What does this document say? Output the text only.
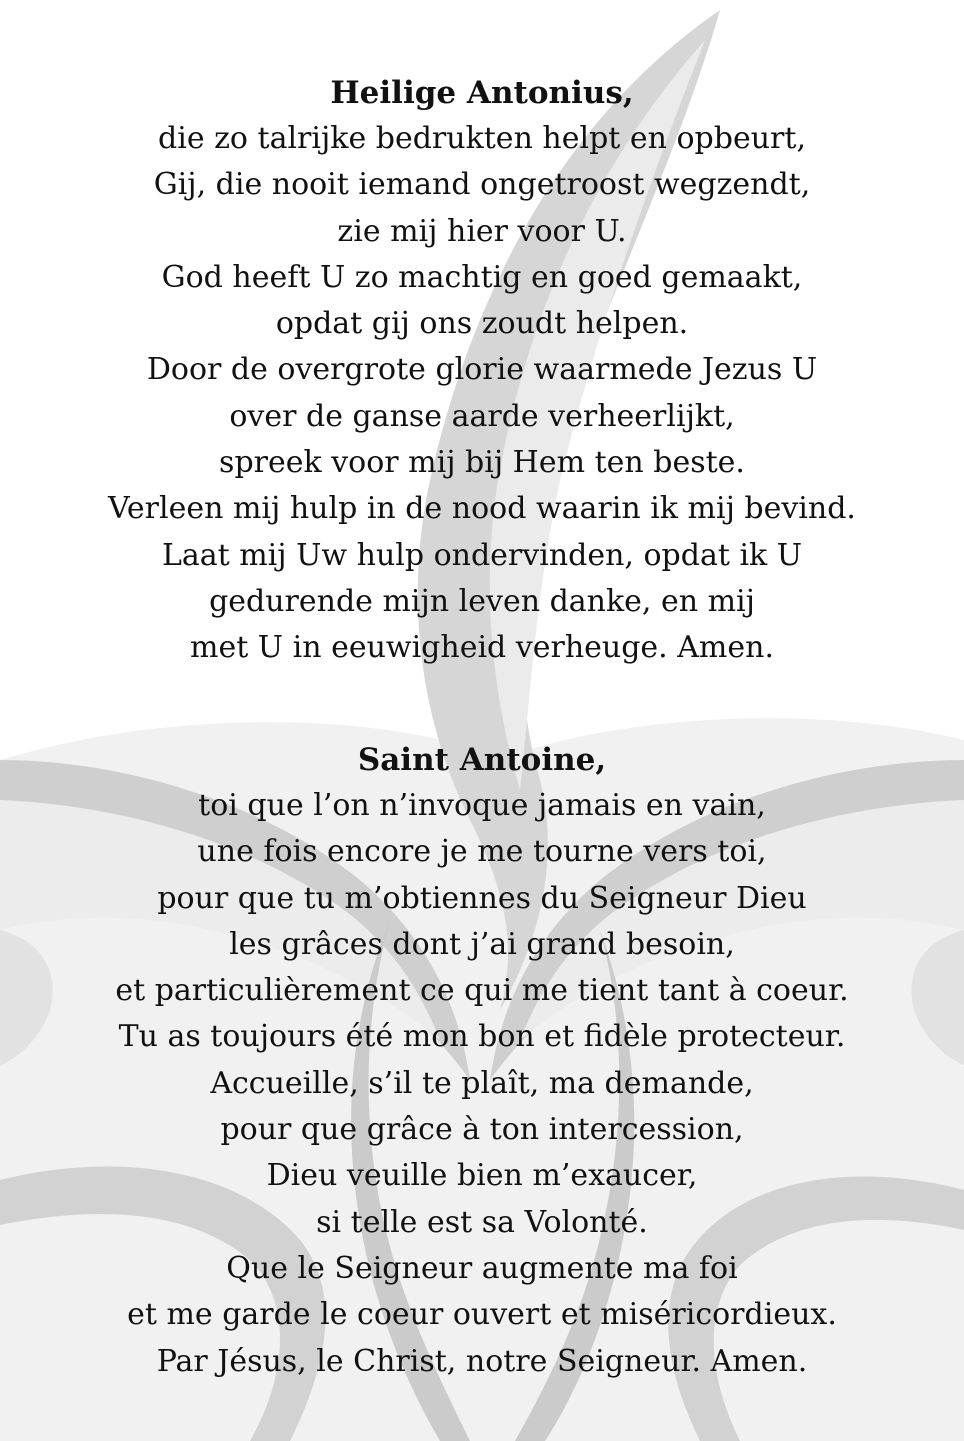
Heilige Antonius,
die zo talrijke bedrukten helpt en opbeurt,
Gij, die nooit iemand ongetroost wegzendt,
zie mij hier voor U.
God heeft U zo machtig en goed gemaakt,
opdat gij ons zoudt helpen.
Door de overgrote glorie waarmede Jezus U
over de ganse aarde verheerlijkt,
spreek voor mij bij Hem ten beste.
Verleen mij hulp in de nood waarin ik mij bevind.
Laat mij Uw hulp ondervinden, opdat ik U
gedurende mijn leven danke, en mij
met U in eeuwigheid verheuge. Amen.
Saint Antoine,
toi que l’on n’invoque jamais en vain,
une fois encore je me tourne vers toi,
pour que tu m’obtiennes du Seigneur Dieu
les grâces dont j’ai grand besoin,
et particulièrement ce qui me tient tant à coeur.
Tu as toujours été mon bon et fidèle protecteur.
Accueille, s’il te plaît, ma demande,
pour que grâce à ton intercession,
Dieu veuille bien m’exaucer,
si telle est sa Volonté.
Que le Seigneur augmente ma foi
et me garde le coeur ouvert et miséricordieux.
Par Jésus, le Christ, notre Seigneur. Amen.
